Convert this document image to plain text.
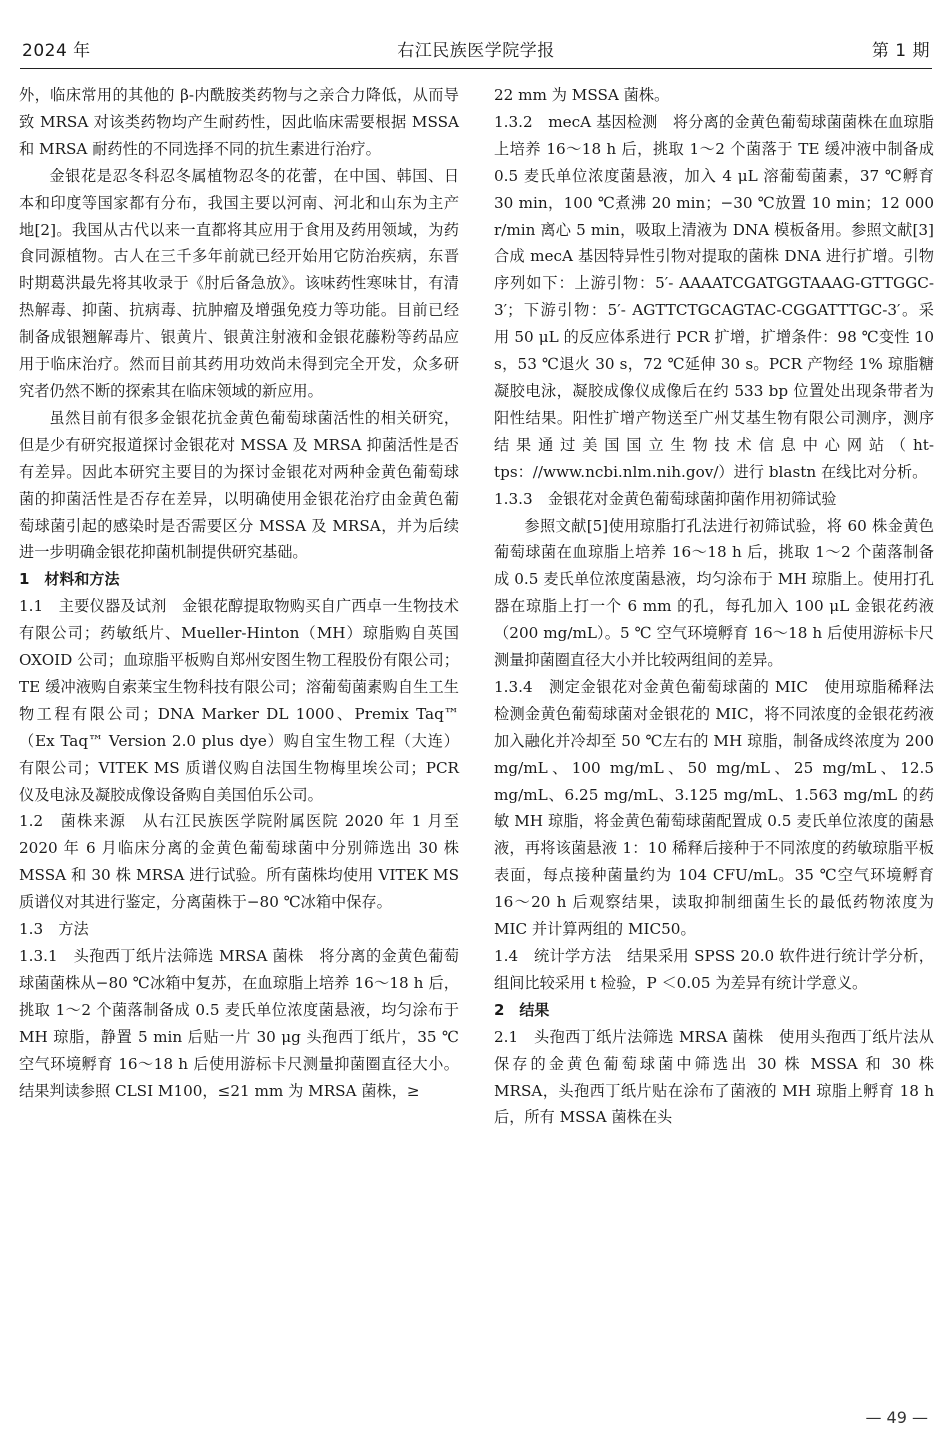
2024 年	右江民族医学院学报	第 1 期

外，临床常用的其他的 β-内酰胺类药物与之亲合力降低，从而导致 MRSA 对该类药物均产生耐药性，因此临床需要根据 MSSA 和 MRSA 耐药性的不同选择不同的抗生素进行治疗。

金银花是忍冬科忍冬属植物忍冬的花蕾，在中国、韩国、日本和印度等国家都有分布，我国主要以河南、河北和山东为主产地[2]。我国从古代以来一直都将其应用于食用及药用领域，为药食同源植物。古人在三千多年前就已经开始用它防治疾病，东晋时期葛洪最先将其收录于《肘后备急放》。该味药性寒味甘，有清热解毒、抑菌、抗病毒、抗肿瘤及增强免疫力等功能。目前已经制备成银翘解毒片、银黄片、银黄注射液和金银花藤粉等药品应用于临床治疗。然而目前其药用功效尚未得到完全开发，众多研究者仍然不断的探索其在临床领域的新应用。

虽然目前有很多金银花抗金黄色葡萄球菌活性的相关研究，但是少有研究报道探讨金银花对 MSSA 及 MRSA 抑菌活性是否有差异。因此本研究主要目的为探讨金银花对两种金黄色葡萄球菌的抑菌活性是否存在差异，以明确使用金银花治疗由金黄色葡萄球菌引起的感染时是否需要区分 MSSA 及 MRSA，并为后续进一步明确金银花抑菌机制提供研究基础。

1　材料和方法

1.1　主要仪器及试剂　金银花醇提取物购买自广西卓一生物技术有限公司；药敏纸片、Mueller-Hinton（MH）琼脂购自英国 OXOID 公司；血琼脂平板购自郑州安图生物工程股份有限公司；TE 缓冲液购自索莱宝生物科技有限公司；溶葡萄菌素购自生工生物工程有限公司；DNA Marker DL 1000、Premix Taq™（Ex Taq™ Version 2.0 plus dye）购自宝生物工程（大连）有限公司；VITEK MS 质谱仪购自法国生物梅里埃公司；PCR 仪及电泳及凝胶成像设备购自美国伯乐公司。

1.2　菌株来源　从右江民族医学院附属医院 2020 年 1 月至 2020 年 6 月临床分离的金黄色葡萄球菌中分别筛选出 30 株 MSSA 和 30 株 MRSA 进行试验。所有菌株均使用 VITEK MS 质谱仪对其进行鉴定，分离菌株于−80 ℃冰箱中保存。

1.3　方法

1.3.1　头孢西丁纸片法筛选 MRSA 菌株　将分离的金黄色葡萄球菌菌株从−80 ℃冰箱中复苏，在血琼脂上培养 16～18 h 后，挑取 1～2 个菌落制备成 0.5 麦氏单位浓度菌悬液，均匀涂布于 MH 琼脂，静置 5 min 后贴一片 30 μg 头孢西丁纸片，35 ℃ 空气环境孵育 16～18 h 后使用游标卡尺测量抑菌圈直径大小。结果判读参照 CLSI M100，≤21 mm 为 MRSA 菌株，≥

22 mm 为 MSSA 菌株。

1.3.2　mecA 基因检测　将分离的金黄色葡萄球菌菌株在血琼脂上培养 16～18 h 后，挑取 1～2 个菌落于 TE 缓冲液中制备成 0.5 麦氏单位浓度菌悬液，加入 4 μL 溶葡萄菌素，37 ℃孵育 30 min，100 ℃煮沸 20 min；−30 ℃放置 10 min；12 000 r/min 离心 5 min，吸取上清液为 DNA 模板备用。参照文献[3]合成 mecA 基因特异性引物对提取的菌株 DNA 进行扩增。引物序列如下：上游引物：5′- AAAATCGATGGTAAAG-GTTGGC-3′；下游引物：5′- AGTTCTGCAGTAC-CGGATTTGC-3′。采用 50 μL 的反应体系进行 PCR 扩增，扩增条件：98 ℃变性 10 s，53 ℃退火 30 s，72 ℃延伸 30 s。PCR 产物经 1% 琼脂糖凝胶电泳，凝胶成像仪成像后在约 533 bp 位置处出现条带者为阳性结果。阳性扩增产物送至广州艾基生物有限公司测序，测序结果通过美国国立生物技术信息中心网站（ht-tps：//www.ncbi.nlm.nih.gov/）进行 blastn 在线比对分析。

1.3.3　金银花对金黄色葡萄球菌抑菌作用初筛试验

参照文献[5]使用琼脂打孔法进行初筛试验，将 60 株金黄色葡萄球菌在血琼脂上培养 16～18 h 后，挑取 1～2 个菌落制备成 0.5 麦氏单位浓度菌悬液，均匀涂布于 MH 琼脂上。使用打孔器在琼脂上打一个 6 mm 的孔，每孔加入 100 μL 金银花药液（200 mg/mL）。5 ℃ 空气环境孵育 16～18 h 后使用游标卡尺测量抑菌圈直径大小并比较两组间的差异。

1.3.4　测定金银花对金黄色葡萄球菌的 MIC　使用琼脂稀释法检测金黄色葡萄球菌对金银花的 MIC，将不同浓度的金银花药液加入融化并冷却至 50 ℃左右的 MH 琼脂，制备成终浓度为 200 mg/mL、100 mg/mL、50 mg/mL、25 mg/mL、12.5 mg/mL、6.25 mg/mL、3.125 mg/mL、1.563 mg/mL 的药敏 MH 琼脂，将金黄色葡萄球菌配置成 0.5 麦氏单位浓度的菌悬液，再将该菌悬液 1：10 稀释后接种于不同浓度的药敏琼脂平板表面，每点接种菌量约为 104 CFU/mL。35 ℃空气环境孵育 16～20 h 后观察结果，读取抑制细菌生长的最低药物浓度为 MIC 并计算两组的 MIC50。

1.4　统计学方法　结果采用 SPSS 20.0 软件进行统计学分析，组间比较采用 t 检验，P ＜0.05 为差异有统计学意义。

2　结果

2.1　头孢西丁纸片法筛选 MRSA 菌株　使用头孢西丁纸片法从保存的金黄色葡萄球菌中筛选出 30 株 MSSA 和 30 株 MRSA，头孢西丁纸片贴在涂布了菌液的 MH 琼脂上孵育 18 h 后，所有 MSSA 菌株在头

— 49 —
